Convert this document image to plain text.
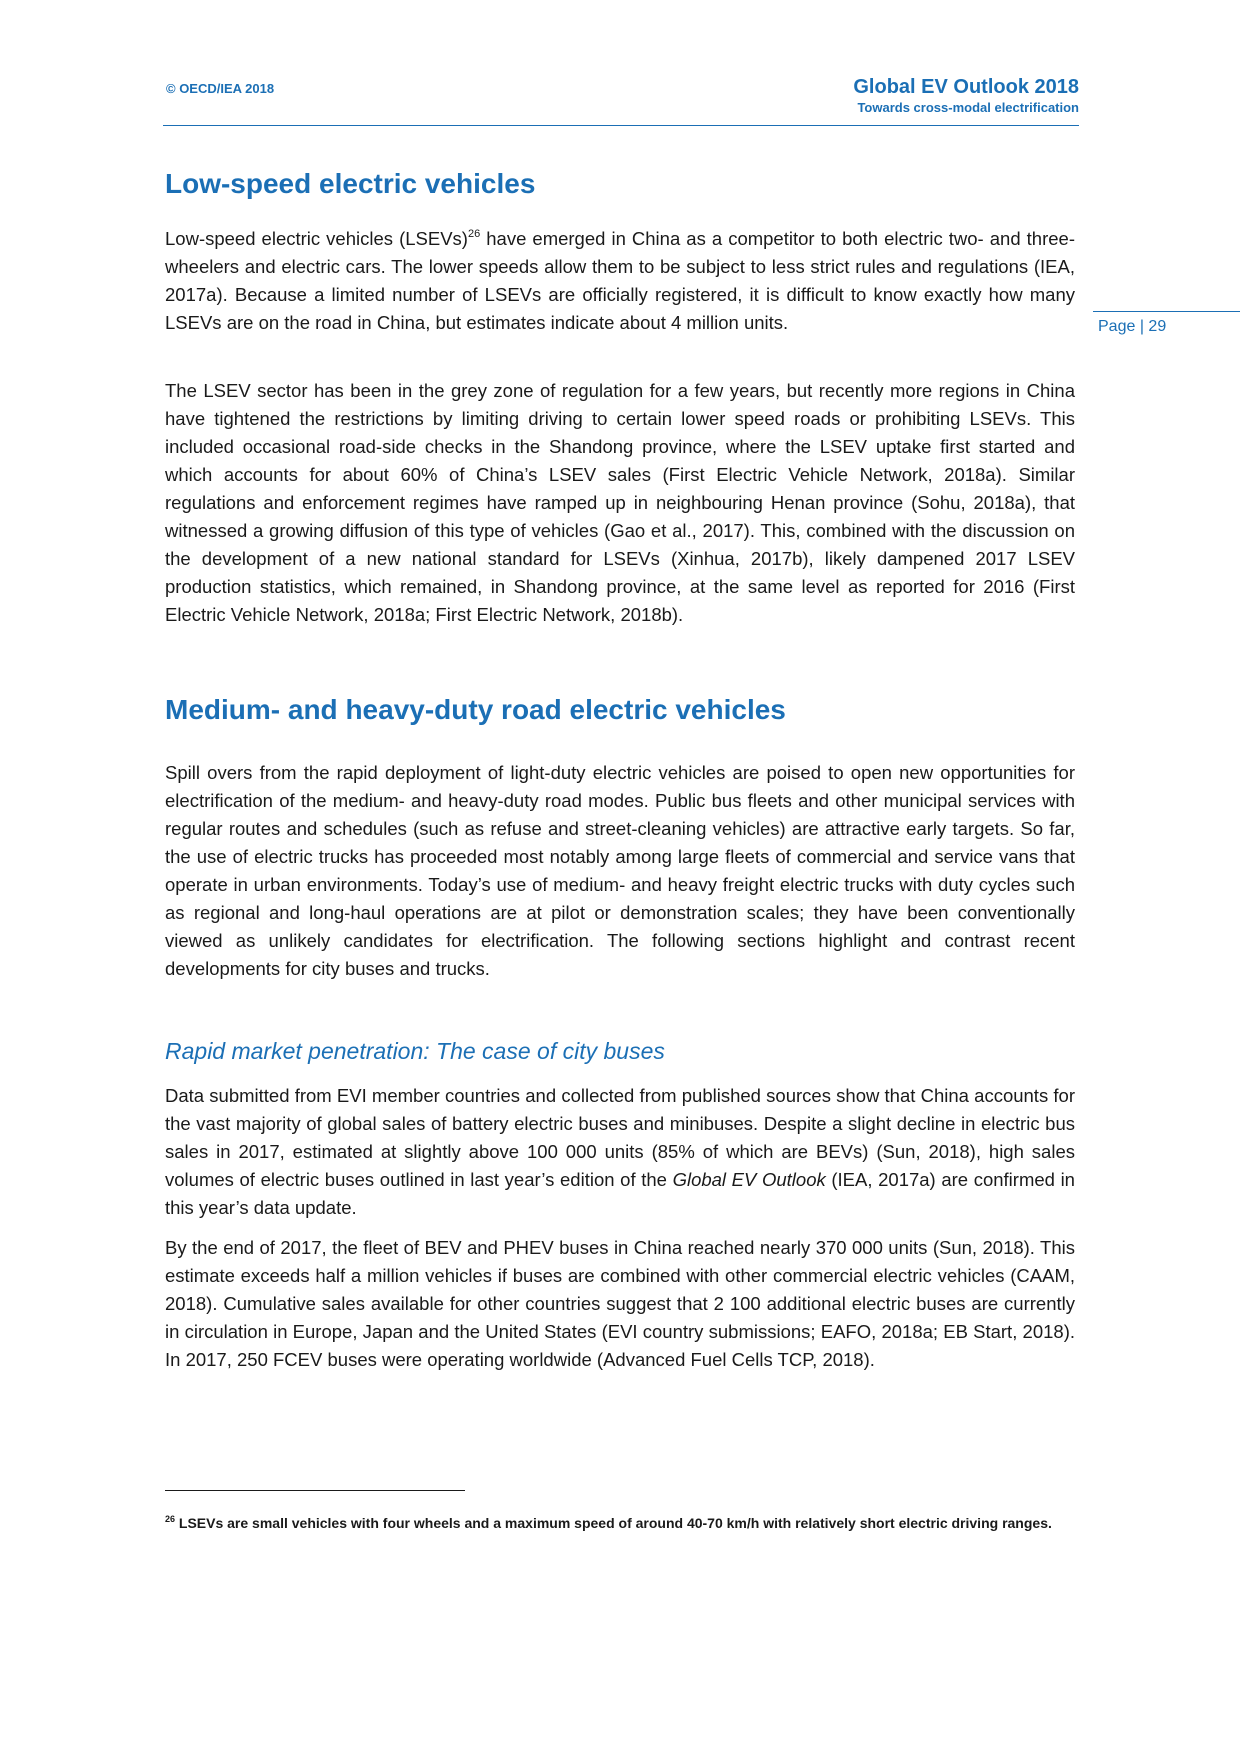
© OECD/IEA 2018	Global EV Outlook 2018
Towards cross-modal electrification
Page | 29
Low-speed electric vehicles

Low-speed electric vehicles (LSEVs)$^{26}$ have emerged in China as a competitor to both electric two- and three-wheelers and electric cars. The lower speeds allow them to be subject to less strict rules and regulations (IEA, 2017a). Because a limited number of LSEVs are officially registered, it is difficult to know exactly how many LSEVs are on the road in China, but estimates indicate about 4 million units.

The LSEV sector has been in the grey zone of regulation for a few years, but recently more regions in China have tightened the restrictions by limiting driving to certain lower speed roads or prohibiting LSEVs. This included occasional road-side checks in the Shandong province, where the LSEV uptake first started and which accounts for about 60% of China’s LSEV sales (First Electric Vehicle Network, 2018a). Similar regulations and enforcement regimes have ramped up in neighbouring Henan province (Sohu, 2018a), that witnessed a growing diffusion of this type of vehicles (Gao et al., 2017). This, combined with the discussion on the development of a new national standard for LSEVs (Xinhua, 2017b), likely dampened 2017 LSEV production statistics, which remained, in Shandong province, at the same level as reported for 2016 (First Electric Vehicle Network, 2018a; First Electric Network, 2018b).

Medium- and heavy-duty road electric vehicles

Spill overs from the rapid deployment of light-duty electric vehicles are poised to open new opportunities for electrification of the medium- and heavy-duty road modes. Public bus fleets and other municipal services with regular routes and schedules (such as refuse and street-cleaning vehicles) are attractive early targets. So far, the use of electric trucks has proceeded most notably among large fleets of commercial and service vans that operate in urban environments. Today’s use of medium- and heavy freight electric trucks with duty cycles such as regional and long-haul operations are at pilot or demonstration scales; they have been conventionally viewed as unlikely candidates for electrification. The following sections highlight and contrast recent developments for city buses and trucks.

Rapid market penetration: The case of city buses

Data submitted from EVI member countries and collected from published sources show that China accounts for the vast majority of global sales of battery electric buses and minibuses. Despite a slight decline in electric bus sales in 2017, estimated at slightly above 100 000 units (85% of which are BEVs) (Sun, 2018), high sales volumes of electric buses outlined in last year’s edition of the Global EV Outlook (IEA, 2017a) are confirmed in this year’s data update.

By the end of 2017, the fleet of BEV and PHEV buses in China reached nearly 370 000 units (Sun, 2018). This estimate exceeds half a million vehicles if buses are combined with other commercial electric vehicles (CAAM, 2018). Cumulative sales available for other countries suggest that 2 100 additional electric buses are currently in circulation in Europe, Japan and the United States (EVI country submissions; EAFO, 2018a; EB Start, 2018). In 2017, 250 FCEV buses were operating worldwide (Advanced Fuel Cells TCP, 2018).

$^{26}$ LSEVs are small vehicles with four wheels and a maximum speed of around 40-70 km/h with relatively short electric driving ranges.
